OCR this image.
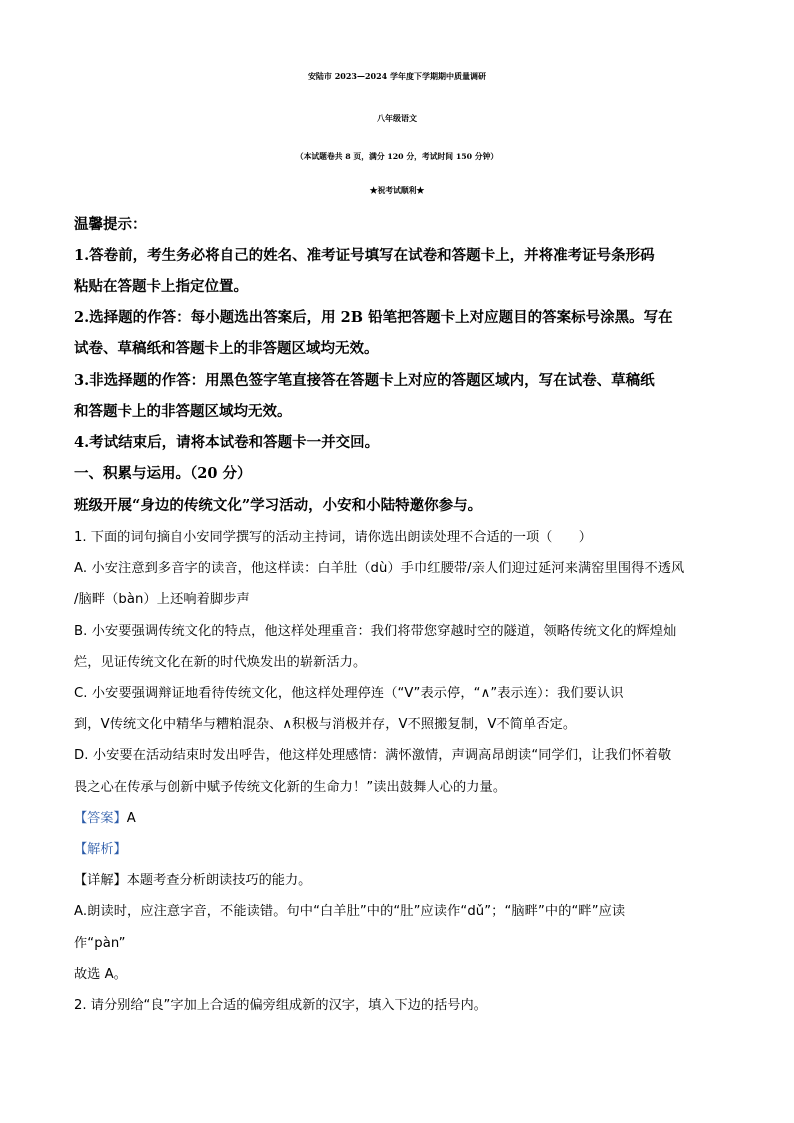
安陆市 2023—2024 学年度下学期期中质量调研
八年级语文
（本试题卷共 8 页，满分 120 分，考试时间 150 分钟）
★祝考试顺利★
温馨提示：
1.答卷前，考生务必将自己的姓名、准考证号填写在试卷和答题卡上，并将准考证号条形码
粘贴在答题卡上指定位置。
2.选择题的作答：每小题选出答案后，用 2B 铅笔把答题卡上对应题目的答案标号涂黑。写在
试卷、草稿纸和答题卡上的非答题区域均无效。
3.非选择题的作答：用黑色签字笔直接答在答题卡上对应的答题区域内，写在试卷、草稿纸
和答题卡上的非答题区域均无效。
4.考试结束后，请将本试卷和答题卡一并交回。
一、积累与运用。（20 分）
班级开展“身边的传统文化”学习活动，小安和小陆特邀你参与。
1. 下面的词句摘自小安同学撰写的活动主持词，请你选出朗读处理不合适的一项（　　）
A. 小安注意到多音字的读音，他这样读：白羊肚（dù）手巾红腰带/亲人们迎过延河来满窑里围得不透风
/脑畔（bàn）上还响着脚步声
B. 小安要强调传统文化的特点，他这样处理重音：我们将带您穿越时空的隧道，领略传统文化的辉煌灿
烂，见证传统文化在新的时代焕发出的崭新活力。
C. 小安要强调辩证地看待传统文化，他这样处理停连（“Ⅴ”表示停，“∧”表示连）：我们要认识
到，Ⅴ传统文化中精华与糟粕混杂、∧积极与消极并存，Ⅴ不照搬复制，Ⅴ不简单否定。
D. 小安要在活动结束时发出呼告，他这样处理感情：满怀激情，声调高昂朗读“同学们，让我们怀着敬
畏之心在传承与创新中赋予传统文化新的生命力！”读出鼓舞人心的力量。
【答案】A
【解析】
【详解】本题考查分析朗读技巧的能力。
A.朗读时，应注意字音，不能读错。句中“白羊肚”中的“肚”应读作“dǔ”；“脑畔”中的“畔”应读
作“pàn”
故选 A。
2. 请分别给“良”字加上合适的偏旁组成新的汉字，填入下边的括号内。
